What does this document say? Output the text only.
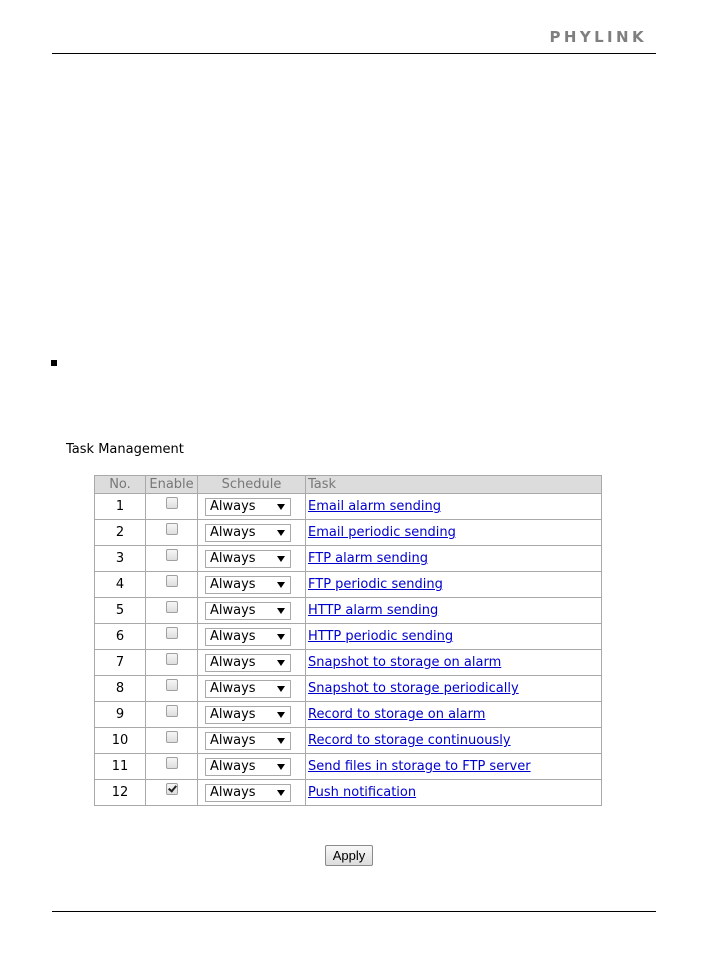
PHYLINK
Task Management
No.	Enable	Schedule	Task
1		Always	Email alarm sending
2		Always	Email periodic sending
3		Always	FTP alarm sending
4		Always	FTP periodic sending
5		Always	HTTP alarm sending
6		Always	HTTP periodic sending
7		Always	Snapshot to storage on alarm
8		Always	Snapshot to storage periodically
9		Always	Record to storage on alarm
10		Always	Record to storage continuously
11		Always	Send files in storage to FTP server
12		Always	Push notification
Apply
